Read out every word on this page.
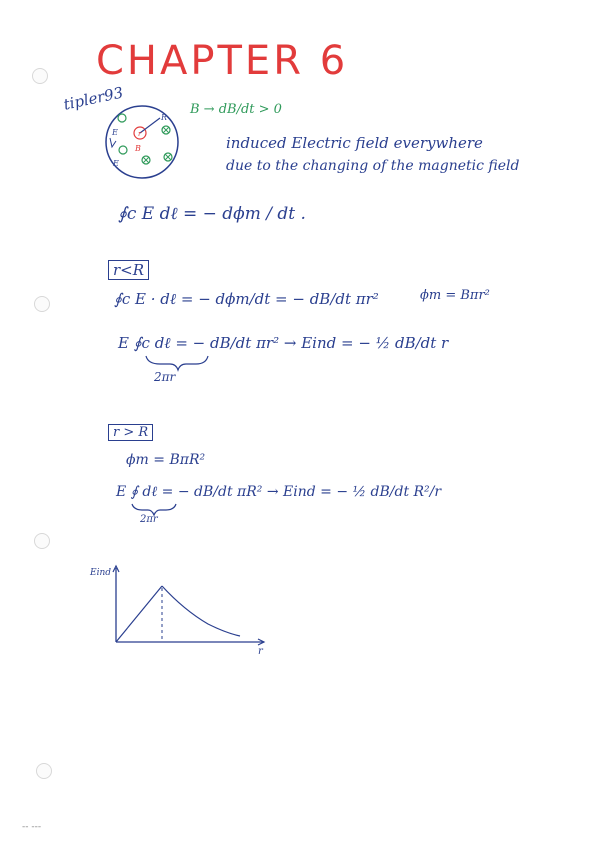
CHAPTER 6
tipler93
E
E
R
r
B
B → dB/dt > 0
induced Electric field everywhere
due to the changing of the magnetic field
∮c E dℓ = − dϕm / dt .
r<R
∮c E · dℓ = − dϕm/dt = − dB/dt πr²	ϕm = Bπr²
E ∮c dℓ = − dB/dt πr² → Eind = − ½ dB/dt r
2πr
r > R
ϕm = BπR²
E ∮ dℓ = − dB/dt πR² → Eind = − ½ dB/dt R²/r
2πr
Eind
r
-- ---
